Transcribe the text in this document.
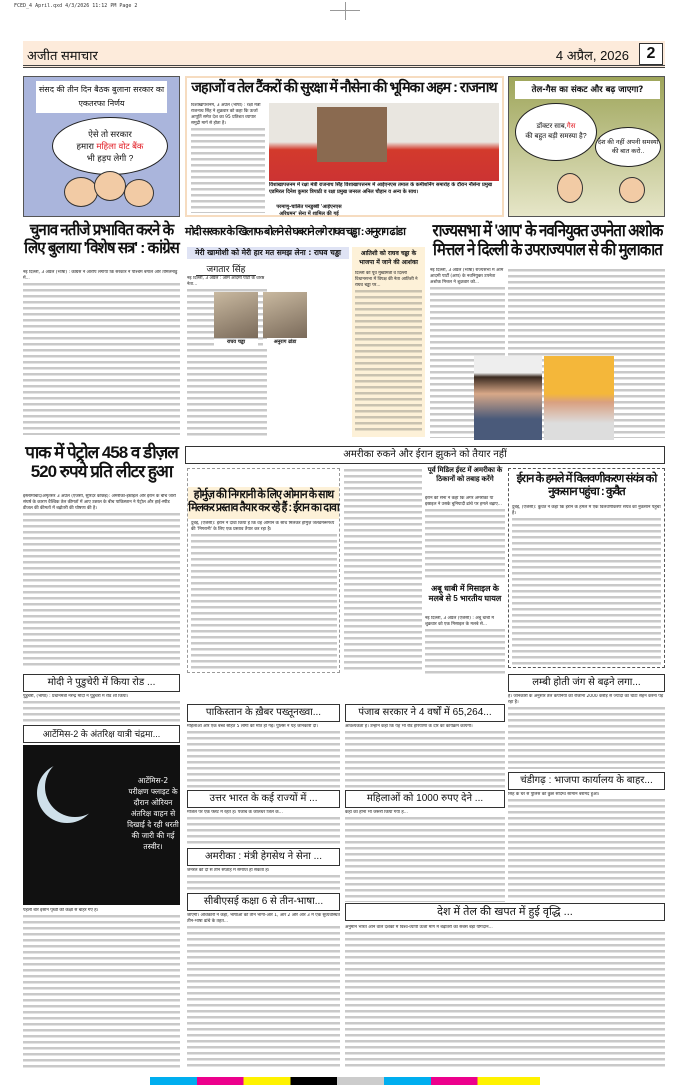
FCED_4 April.qxd 4/3/2026 11:12 PM Page 2
अजीत समाचार	4 अप्रैल, 2026	2
संसद की तीन दिन बैठक बुलाना सरकार का एकतरफा निर्णय
ऐसे तो सरकार
हमारा महिला वोट बैंक
भी हड़प लेगी ?
जहाजों व तेल टैंकरों की सुरक्षा में नौसेना की भूमिका अहम : राजनाथ
विशाखापत्तनम, 3 अप्रैल (भाषा) : रक्षा मंत्री राजनाथ सिंह ने शुक्रवार को कहा कि ऊर्जा आपूर्ति समेत देश का 95 प्रतिशत व्यापार समुद्री मार्ग से होता है।
विशाखापत्तनम में रक्षा मंत्री राजनाथ सिंह विशाखापत्तनम में आईएनएस तमाल के कमीशनिंग समारोह के दौरान नौसेना प्रमुख एडमिरल दिनेश कुमार त्रिपाठी व रक्षा प्रमुख जनरल अनिल चौहान व अन्य के साथ।
परमाणु-चालित पनडुब्बी 'आईएनएस अरिधमन' सेना में शामिल की गई
तेल-गैस का संकट और बढ़ जाएगा?
डॉक्टर साब,गैस
की बहुत बड़ी समस्या है?
देश की नहीं अपनी समस्या की बात करो..
चुनाव नतीजे प्रभावित करने के लिए बुलाया 'विशेष सत्र' : कांग्रेस
नई दिल्ली, 3 अप्रैल (भाषा) : कांग्रेस ने आरोप लगाया कि सरकार ने पश्चिम बंगाल और तमिलनाडु में...
मोदी सरकार के खिलाफ बोलने से घबराने लगे राघव चड्ढा : अनुराग ढांडा
मेरी खामोशी को मेरी हार मत समझ लेना : राघव चड्ढा
जगतार सिंह
नई दिल्ली, 3 अप्रैल : आम आदमी पार्टी के वरिष्ठ नेता...
राघव चड्ढा	अनुराग ढांडा
आतिशी को राघव चड्ढा के भाजपा में जाने की आशंका
दिल्ली की पूर्व मुख्यमंत्री व दिल्ली विधानसभा में विपक्ष की नेता आतिशी ने राघव चड्ढा पर...
राज्यसभा में 'आप' के नवनियुक्त उपनेता अशोक मित्तल ने दिल्ली के उपराज्यपाल से की मुलाकात
नई दिल्ली, 3 अप्रैल (भाषा) राज्यसभा में आम आदमी पार्टी (आप) के नवनियुक्त उपनेता अशोक मित्तल ने शुक्रवार को...
पाक में पेट्रोल 458 व डीज़ल 520 रुपये प्रति लीटर हुआ
इस्लामाबाद/अमृतसर 3 अप्रैल (एजेंसी, सुरिंदर कोछड़): अमरीका-इस्राइल और ईरान के बीच जारी संघर्ष के कारण वैश्विक तेल कीमतों में आए उछाल के बीच पाकिस्तान ने पेट्रोल और हाई-स्पीड डीजल की कीमतों में बढ़ोतरी की घोषणा की है।
अमरीका रुकने और ईरान झुकने को तैयार नहीं
होर्मुज़ की निगरानी के लिए ओमान के साथ मिलकर प्रस्ताव तैयार कर रहे हैं : ईरान का दावा
दुबई, (एजेंसी): ईरान ने दावा किया है कि वह ओमान के साथ मिलकर होर्मुज़ जलडमरूमध्य की 'निगरानी' के लिए एक प्रस्ताव तैयार कर रहा है।
पूर्व मिडिल ईस्ट में अमरीका के ठिकानों को तबाह करेंगे
ईरान की सेना ने कहा कि अगर अमरीका या इस्राइल ने उसके बुनियादी ढांचे पर हमले बढ़ाए...
अबू धाबी में मिसाइल के मलबे से 5 भारतीय घायल
नई दिल्ली, 3 अप्रैल (एजेंसी) : अबू धाबी में शुक्रवार को एक मिसाइल के मलबे से...
ईरान के हमले में विलवणीकरण संयंत्र को नुकसान पहुंचा : कुवैत
दुबई, (एजेंसी): कुवैत ने कहा कि ईरान के हमले में एक विलवणीकरण संयंत्र को नुकसान पहुंचा है।
मोदी ने पुडुचेरी में किया रोड ...
पुडुचेरी, (भाषा) : प्रधानमंत्री नरेन्द्र मोदी ने पुडुचेरी में रोड शो किया।
आर्टेमिस-2 के अंतरिक्ष यात्री चंद्रमा...
आर्टेमिस-2 परीक्षण फ्लाइट के दौरान ओरियन अंतरिक्ष वाहन से दिखाई दे रही धरती की जारी की गई तस्वीर।
पहली बार इंसान पृथ्वी की कक्षा से बाहर गए हैं।
पाकिस्तान के ख़ैबर पख्तूनख्वा...
महिलाओं और एक बच्चे सहित 5 लोगों की मौत हो गई। पुलिस ने यह जानकारी दी।
उत्तर भारत के कई राज्यों में ...
मंजिल पर एक फ्लैट में रहते हैं। पंजाब के जालंधर जिले के...
अमरीका : मंत्री हेगसेथ ने सेना ...
जनरल को दो से तीन सप्ताह में समाप्त हो सकता है।
सीबीएसई कक्षा 6 से तीन-भाषा...
जाएगी। अधिकारी ने कहा, भाषाओं को तीन भागों-आर 1, आर 2 और आर 3 में एक सुव्यवस्थित तीन-भाषा ढांचे के तहत...
पंजाब सरकार ने 4 वर्षों में 65,264...
आवश्यकता है। उन्होंने कहा कि यह भी रोड हरियाणा के दौरे का कार्यक्रम कायगी।
महिलाओं को 1000 रुपए देने ...
कहां का होना भी जरूरी किया गया है...
लम्बी होती जंग से बढ़ने लगा...
है। जानकारी के अनुसार तेल कंपनियों को रोजाना 2000 करोड़ से ज्यादा का घाटा सहन करना पड़ रहा है।
चंडीगढ़ : भाजपा कार्यालय के बाहर...
सिंह के घर से पुलिस को कुछ संदिग्ध सामान बरामद हुआ।
देश में तेल की खपत में हुई वृद्धि ...
अनुमान भारत आने वाले दशकों में विश्व-व्यापी ऊर्जा मांग में बढ़ोतरी का सबसे बड़ा योगदान...
